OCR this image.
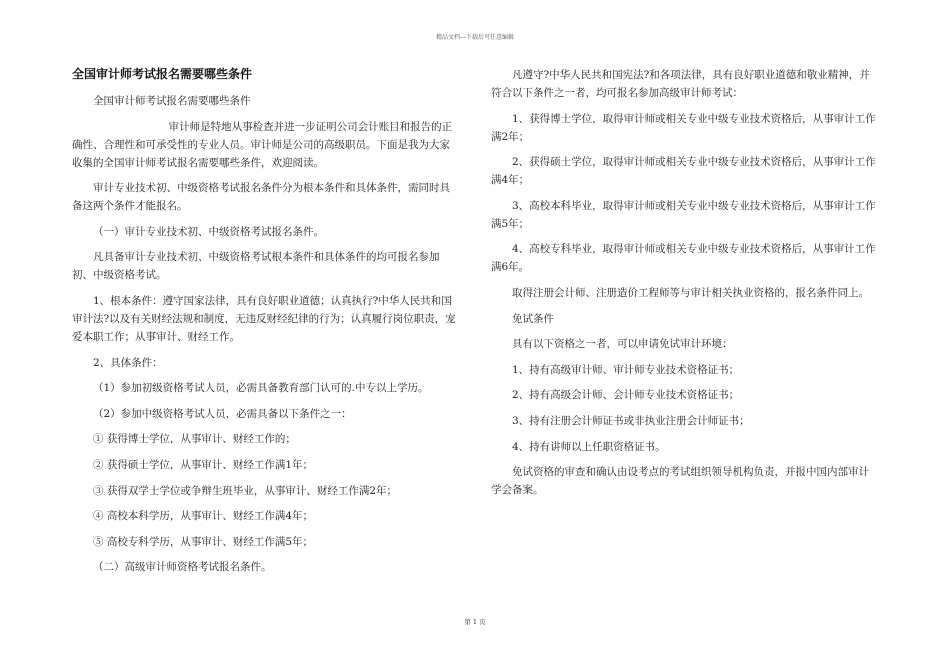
精品文档---下载后可任意编辑
全国审计师考试报名需要哪些条件

全国审计师考试报名需要哪些条件

审计师是特地从事检查并进一步证明公司会计账目和报告的正确性、合理性和可承受性的专业人员。审计师是公司的高级职员。下面是我为大家收集的全国审计师考试报名需要哪些条件，欢迎阅读。

审计专业技术初、中级资格考试报名条件分为根本条件和具体条件，需同时具备这两个条件才能报名。

（一）审计专业技术初、中级资格考试报名条件。

凡具备审计专业技术初、中级资格考试根本条件和具体条件的均可报名参加初、中级资格考试。

1、根本条件：遵守国家法律，具有良好职业道德；认真执行?中华人民共和国审计法?以及有关财经法规和制度，无违反财经纪律的行为；认真履行岗位职责，宠爱本职工作；从事审计、财经工作。

2、具体条件：

（1）参加初级资格考试人员，必需具备教育部门认可的.中专以上学历。

（2）参加中级资格考试人员，必需具备以下条件之一：

① 获得博士学位，从事审计、财经工作的；

② 获得硕士学位，从事审计、财经工作满1年；

③ 获得双学士学位或争辩生班毕业，从事审计、财经工作满2年；

④ 高校本科学历，从事审计、财经工作满4年；

⑤ 高校专科学历，从事审计、财经工作满5年；

（二）高级审计师资格考试报名条件。

凡遵守?中华人民共和国宪法?和各项法律，具有良好职业道德和敬业精神，并符合以下条件之一者，均可报名参加高级审计师考试：

1、获得博士学位，取得审计师或相关专业中级专业技术资格后，从事审计工作满2年；

2、获得硕士学位，取得审计师或相关专业中级专业技术资格后，从事审计工作满4年；

3、高校本科毕业，取得审计师或相关专业中级专业技术资格后，从事审计工作满5年；

4、高校专科毕业，取得审计师或相关专业中级专业技术资格后，从事审计工作满6年。

取得注册会计师、注册造价工程师等与审计相关执业资格的，报名条件同上。

免试条件

具有以下资格之一者，可以申请免试审计环境：

1、持有高级审计师、审计师专业技术资格证书；

2、持有高级会计师、会计师专业技术资格证书；

3、持有注册会计师证书或非执业注册会计师证书；

4、持有讲师以上任职资格证书。

免试资格的审查和确认由设考点的考试组织领导机构负责，并报中国内部审计学会备案。

第 1 页
